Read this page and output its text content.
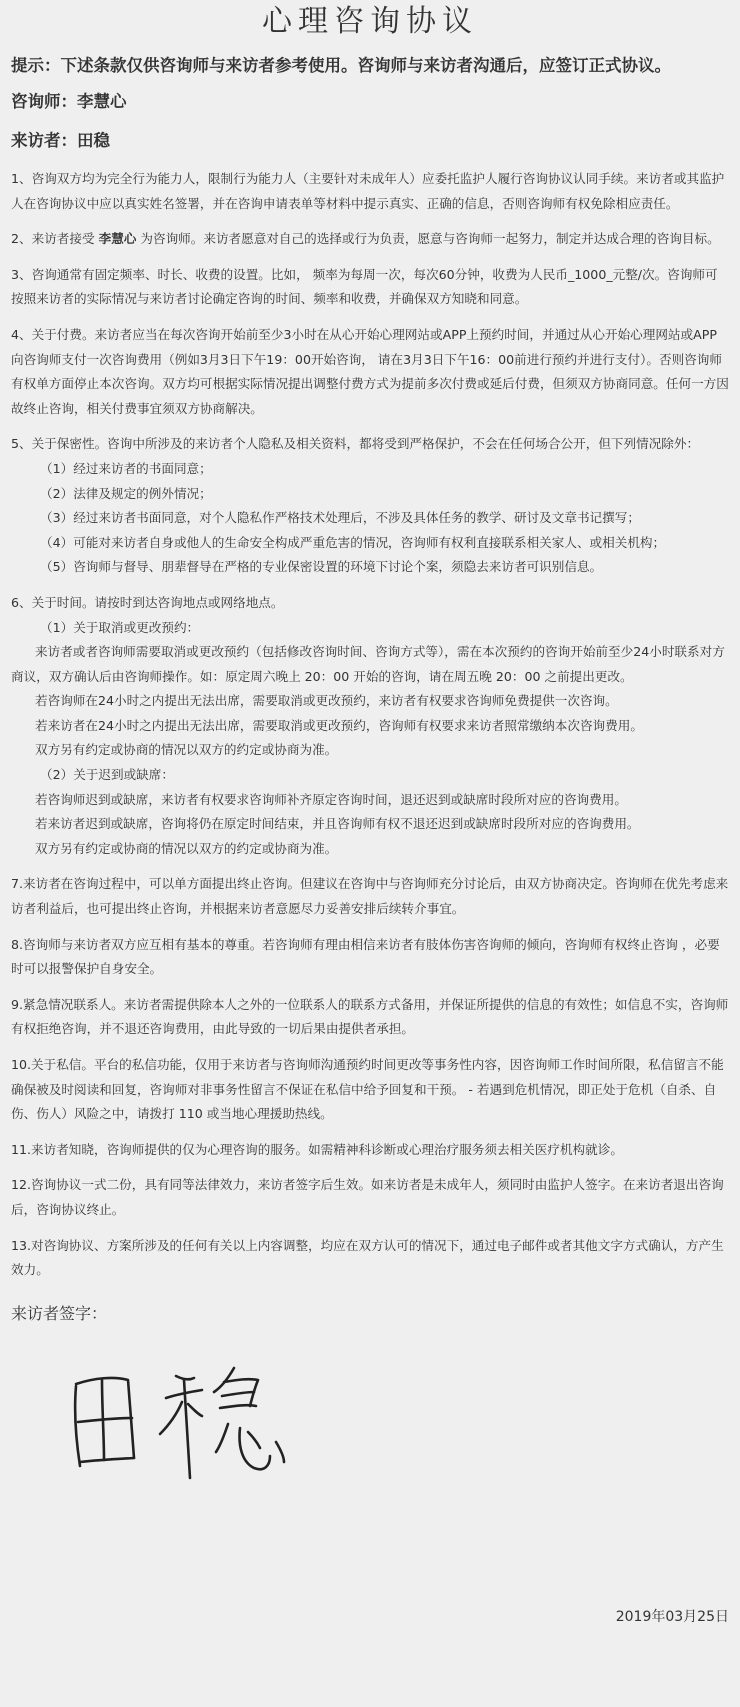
心理咨询协议
提示：下述条款仅供咨询师与来访者参考使用。咨询师与来访者沟通后，应签订正式协议。
咨询师：李慧心
来访者：田稳
1、咨询双方均为完全行为能力人，限制行为能力人（主要针对未成年人）应委托监护人履行咨询协议认同手续。来访者或其监护人在咨询协议中应以真实姓名签署，并在咨询申请表单等材料中提示真实、正确的信息，否则咨询师有权免除相应责任。
2、来访者接受 李慧心 为咨询师。来访者愿意对自己的选择或行为负责，愿意与咨询师一起努力，制定并达成合理的咨询目标。
3、咨询通常有固定频率、时长、收费的设置。比如， 频率为每周一次，每次60分钟，收费为人民币_1000_元整/次。咨询师可按照来访者的实际情况与来访者讨论确定咨询的时间、频率和收费，并确保双方知晓和同意。
4、关于付费。来访者应当在每次咨询开始前至少3小时在从心开始心理网站或APP上预约时间，并通过从心开始心理网站或APP向咨询师支付一次咨询费用（例如3月3日下午19：00开始咨询， 请在3月3日下午16：00前进行预约并进行支付）。否则咨询师有权单方面停止本次咨询。双方均可根据实际情况提出调整付费方式为提前多次付费或延后付费，但须双方协商同意。任何一方因故终止咨询，相关付费事宜须双方协商解决。
5、关于保密性。咨询中所涉及的来访者个人隐私及相关资料，都将受到严格保护，不会在任何场合公开，但下列情况除外：
（1）经过来访者的书面同意；
（2）法律及规定的例外情况；
（3）经过来访者书面同意，对个人隐私作严格技术处理后，不涉及具体任务的教学、研讨及文章书记撰写；
（4）可能对来访者自身或他人的生命安全构成严重危害的情况，咨询师有权利直接联系相关家人、或相关机构；
（5）咨询师与督导、朋辈督导在严格的专业保密设置的环境下讨论个案，须隐去来访者可识别信息。
6、关于时间。请按时到达咨询地点或网络地点。
（1）关于取消或更改预约：
来访者或者咨询师需要取消或更改预约（包括修改咨询时间、咨询方式等），需在本次预约的咨询开始前至少24小时联系对方商议，双方确认后由咨询师操作。如：原定周六晚上 20：00 开始的咨询，请在周五晚 20：00 之前提出更改。
若咨询师在24小时之内提出无法出席，需要取消或更改预约，来访者有权要求咨询师免费提供一次咨询。
若来访者在24小时之内提出无法出席，需要取消或更改预约，咨询师有权要求来访者照常缴纳本次咨询费用。
双方另有约定或协商的情况以双方的约定或协商为准。
（2）关于迟到或缺席：
若咨询师迟到或缺席，来访者有权要求咨询师补齐原定咨询时间，退还迟到或缺席时段所对应的咨询费用。
若来访者迟到或缺席，咨询将仍在原定时间结束，并且咨询师有权不退还迟到或缺席时段所对应的咨询费用。
双方另有约定或协商的情况以双方的约定或协商为准。
7.来访者在咨询过程中，可以单方面提出终止咨询。但建议在咨询中与咨询师充分讨论后，由双方协商决定。咨询师在优先考虑来访者利益后，也可提出终止咨询，并根据来访者意愿尽力妥善安排后续转介事宜。
8.咨询师与来访者双方应互相有基本的尊重。若咨询师有理由相信来访者有肢体伤害咨询师的倾向，咨询师有权终止咨询 ，必要时可以报警保护自身安全。
9.紧急情况联系人。来访者需提供除本人之外的一位联系人的联系方式备用，并保证所提供的信息的有效性；如信息不实，咨询师有权拒绝咨询，并不退还咨询费用，由此导致的一切后果由提供者承担。
10.关于私信。平台的私信功能，仅用于来访者与咨询师沟通预约时间更改等事务性内容，因咨询师工作时间所限，私信留言不能确保被及时阅读和回复，咨询师对非事务性留言不保证在私信中给予回复和干预。 - 若遇到危机情况，即正处于危机（自杀、自伤、伤人）风险之中，请拨打 110 或当地心理援助热线。
11.来访者知晓，咨询师提供的仅为心理咨询的服务。如需精神科诊断或心理治疗服务须去相关医疗机构就诊。
12.咨询协议一式二份，具有同等法律效力，来访者签字后生效。如来访者是未成年人，须同时由监护人签字。在来访者退出咨询后，咨询协议终止。
13.对咨询协议、方案所涉及的任何有关以上内容调整，均应在双方认可的情况下，通过电子邮件或者其他文字方式确认，方产生效力。
来访者签字：
2019年03月25日
